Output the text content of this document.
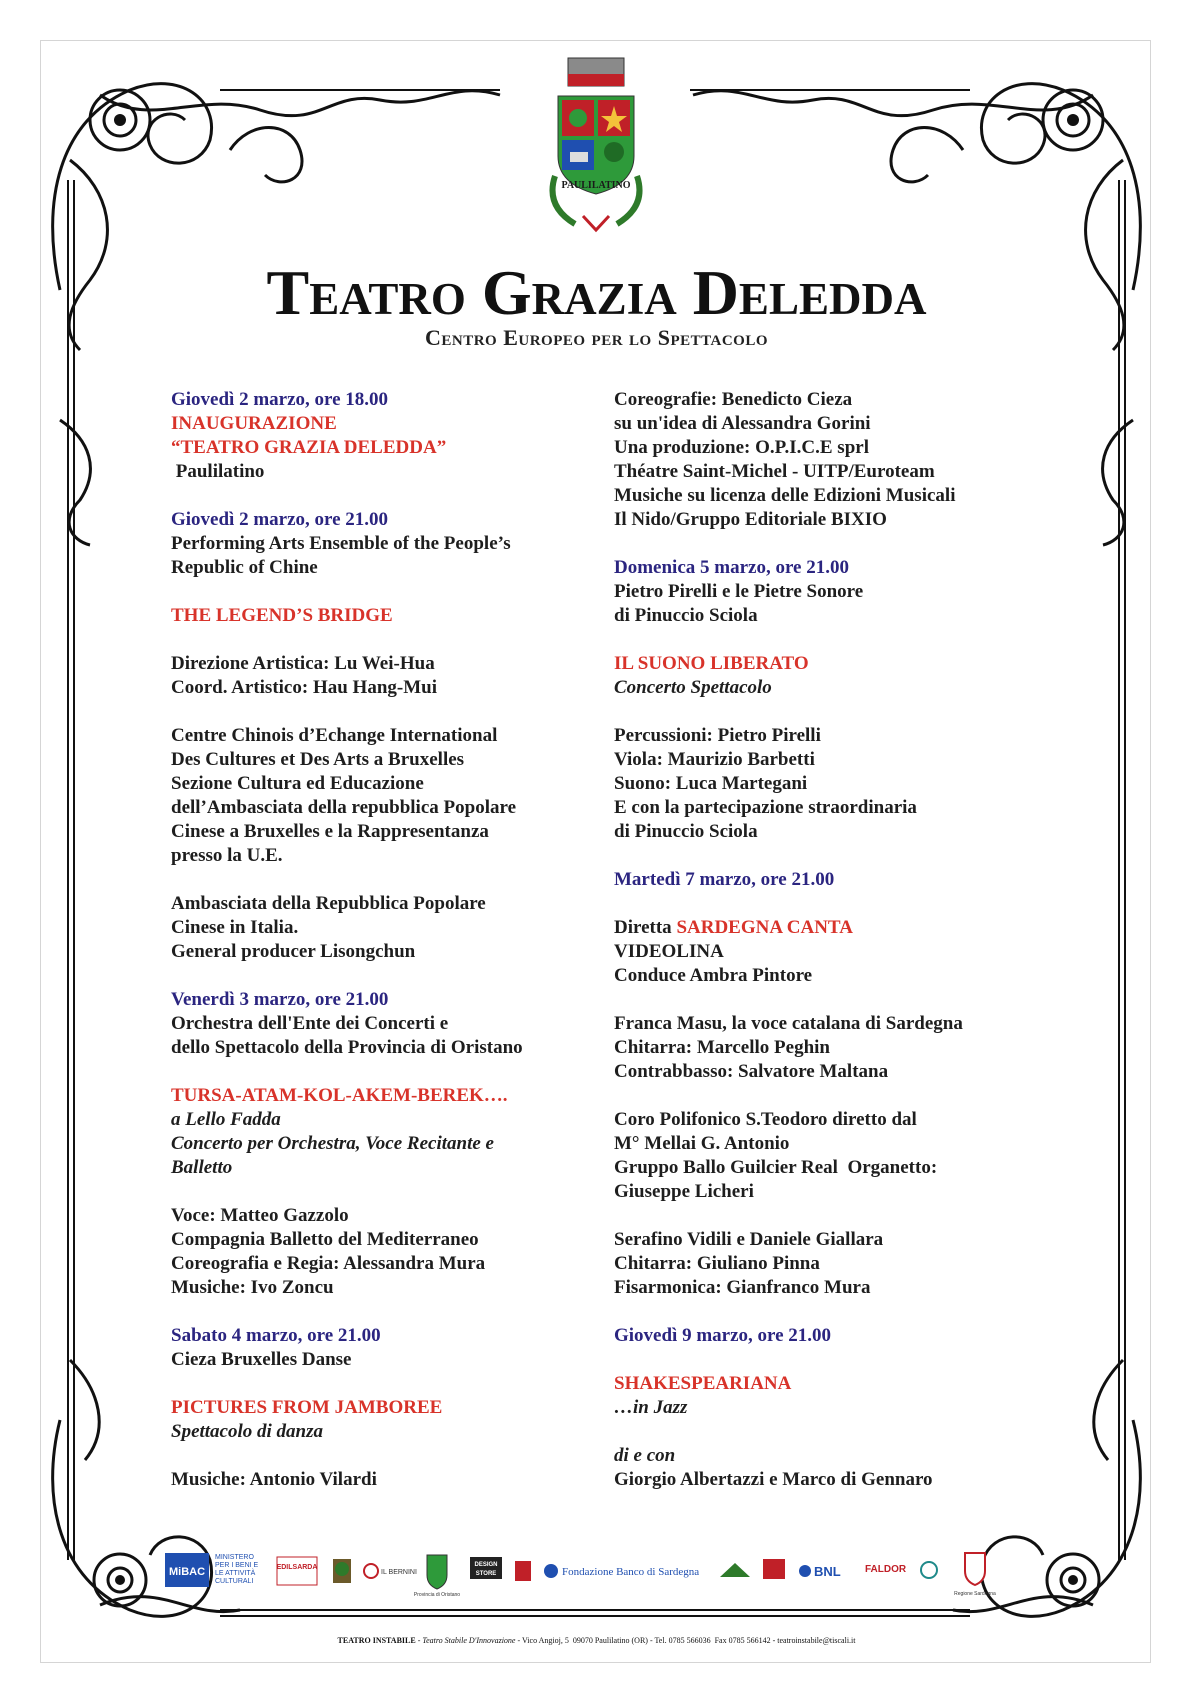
PAULILATINO
Teatro Grazia Deledda
Centro Europeo per lo Spettacolo

Giovedì 2 marzo, ore 18.00

INAUGURAZIONE

“TEATRO GRAZIA DELEDDA”

Paulilatino

Giovedì 2 marzo, ore 21.00

Performing Arts Ensemble of the People’s

Republic of Chine

THE LEGEND’S BRIDGE

Direzione Artistica: Lu Wei-Hua

Coord. Artistico: Hau Hang-Mui

Centre Chinois d’Echange International

Des Cultures et Des Arts a Bruxelles

Sezione Cultura ed Educazione

dell’Ambasciata della repubblica Popolare

Cinese a Bruxelles e la Rappresentanza

presso la U.E.

Ambasciata della Repubblica Popolare

Cinese in Italia.

General producer Lisongchun

Venerdì 3 marzo, ore 21.00

Orchestra dell'Ente dei Concerti e

dello Spettacolo della Provincia di Oristano

TURSA-ATAM-KOL-AKEM-BEREK….

a Lello Fadda

Concerto per Orchestra, Voce Recitante e

Balletto

Voce: Matteo Gazzolo

Compagnia Balletto del Mediterraneo

Coreografia e Regia: Alessandra Mura

Musiche: Ivo Zoncu

Sabato 4 marzo, ore 21.00

Cieza Bruxelles Danse

PICTURES FROM JAMBOREE

Spettacolo di danza

Musiche: Antonio Vilardi

Coreografie: Benedicto Cieza

su un'idea di Alessandra Gorini

Una produzione: O.P.I.C.E sprl

Théatre Saint-Michel - UITP/Euroteam

Musiche su licenza delle Edizioni Musicali

Il Nido/Gruppo Editoriale BIXIO

Domenica 5 marzo, ore 21.00

Pietro Pirelli e le Pietre Sonore

di Pinuccio Sciola

IL SUONO LIBERATO

Concerto Spettacolo

Percussioni: Pietro Pirelli

Viola: Maurizio Barbetti

Suono: Luca Martegani

E con la partecipazione straordinaria

di Pinuccio Sciola

Martedì 7 marzo, ore 21.00

Diretta SARDEGNA CANTA

VIDEOLINA

Conduce Ambra Pintore

Franca Masu, la voce catalana di Sardegna

Chitarra: Marcello Peghin

Contrabbasso: Salvatore Maltana

Coro Polifonico S.Teodoro diretto dal

M° Mellai G. Antonio

Gruppo Ballo Guilcier Real  Organetto:

Giuseppe Licheri

Serafino Vidili e Daniele Giallara

Chitarra: Giuliano Pinna

Fisarmonica: Gianfranco Mura

Giovedì 9 marzo, ore 21.00

SHAKESPEARIANA

…in Jazz

di e con

Giorgio Albertazzi e Marco di Gennaro

MiBAC
MINISTERO
PER I BENI E
LE ATTIVITÀ
CULTURALI
EDILSARDA
IL BERNINI
Provincia di Oristano
DESIGN
STORE	Fondazione Banco di Sardegna	BNL FALDOR
Regione Sardegna
TEATRO INSTABILE - Teatro Stabile D'Innovazione - Vico Angioj, 5  09070 Paulilatino (OR) - Tel. 0785 566036  Fax 0785 566142 - teatroinstabile@tiscali.it
